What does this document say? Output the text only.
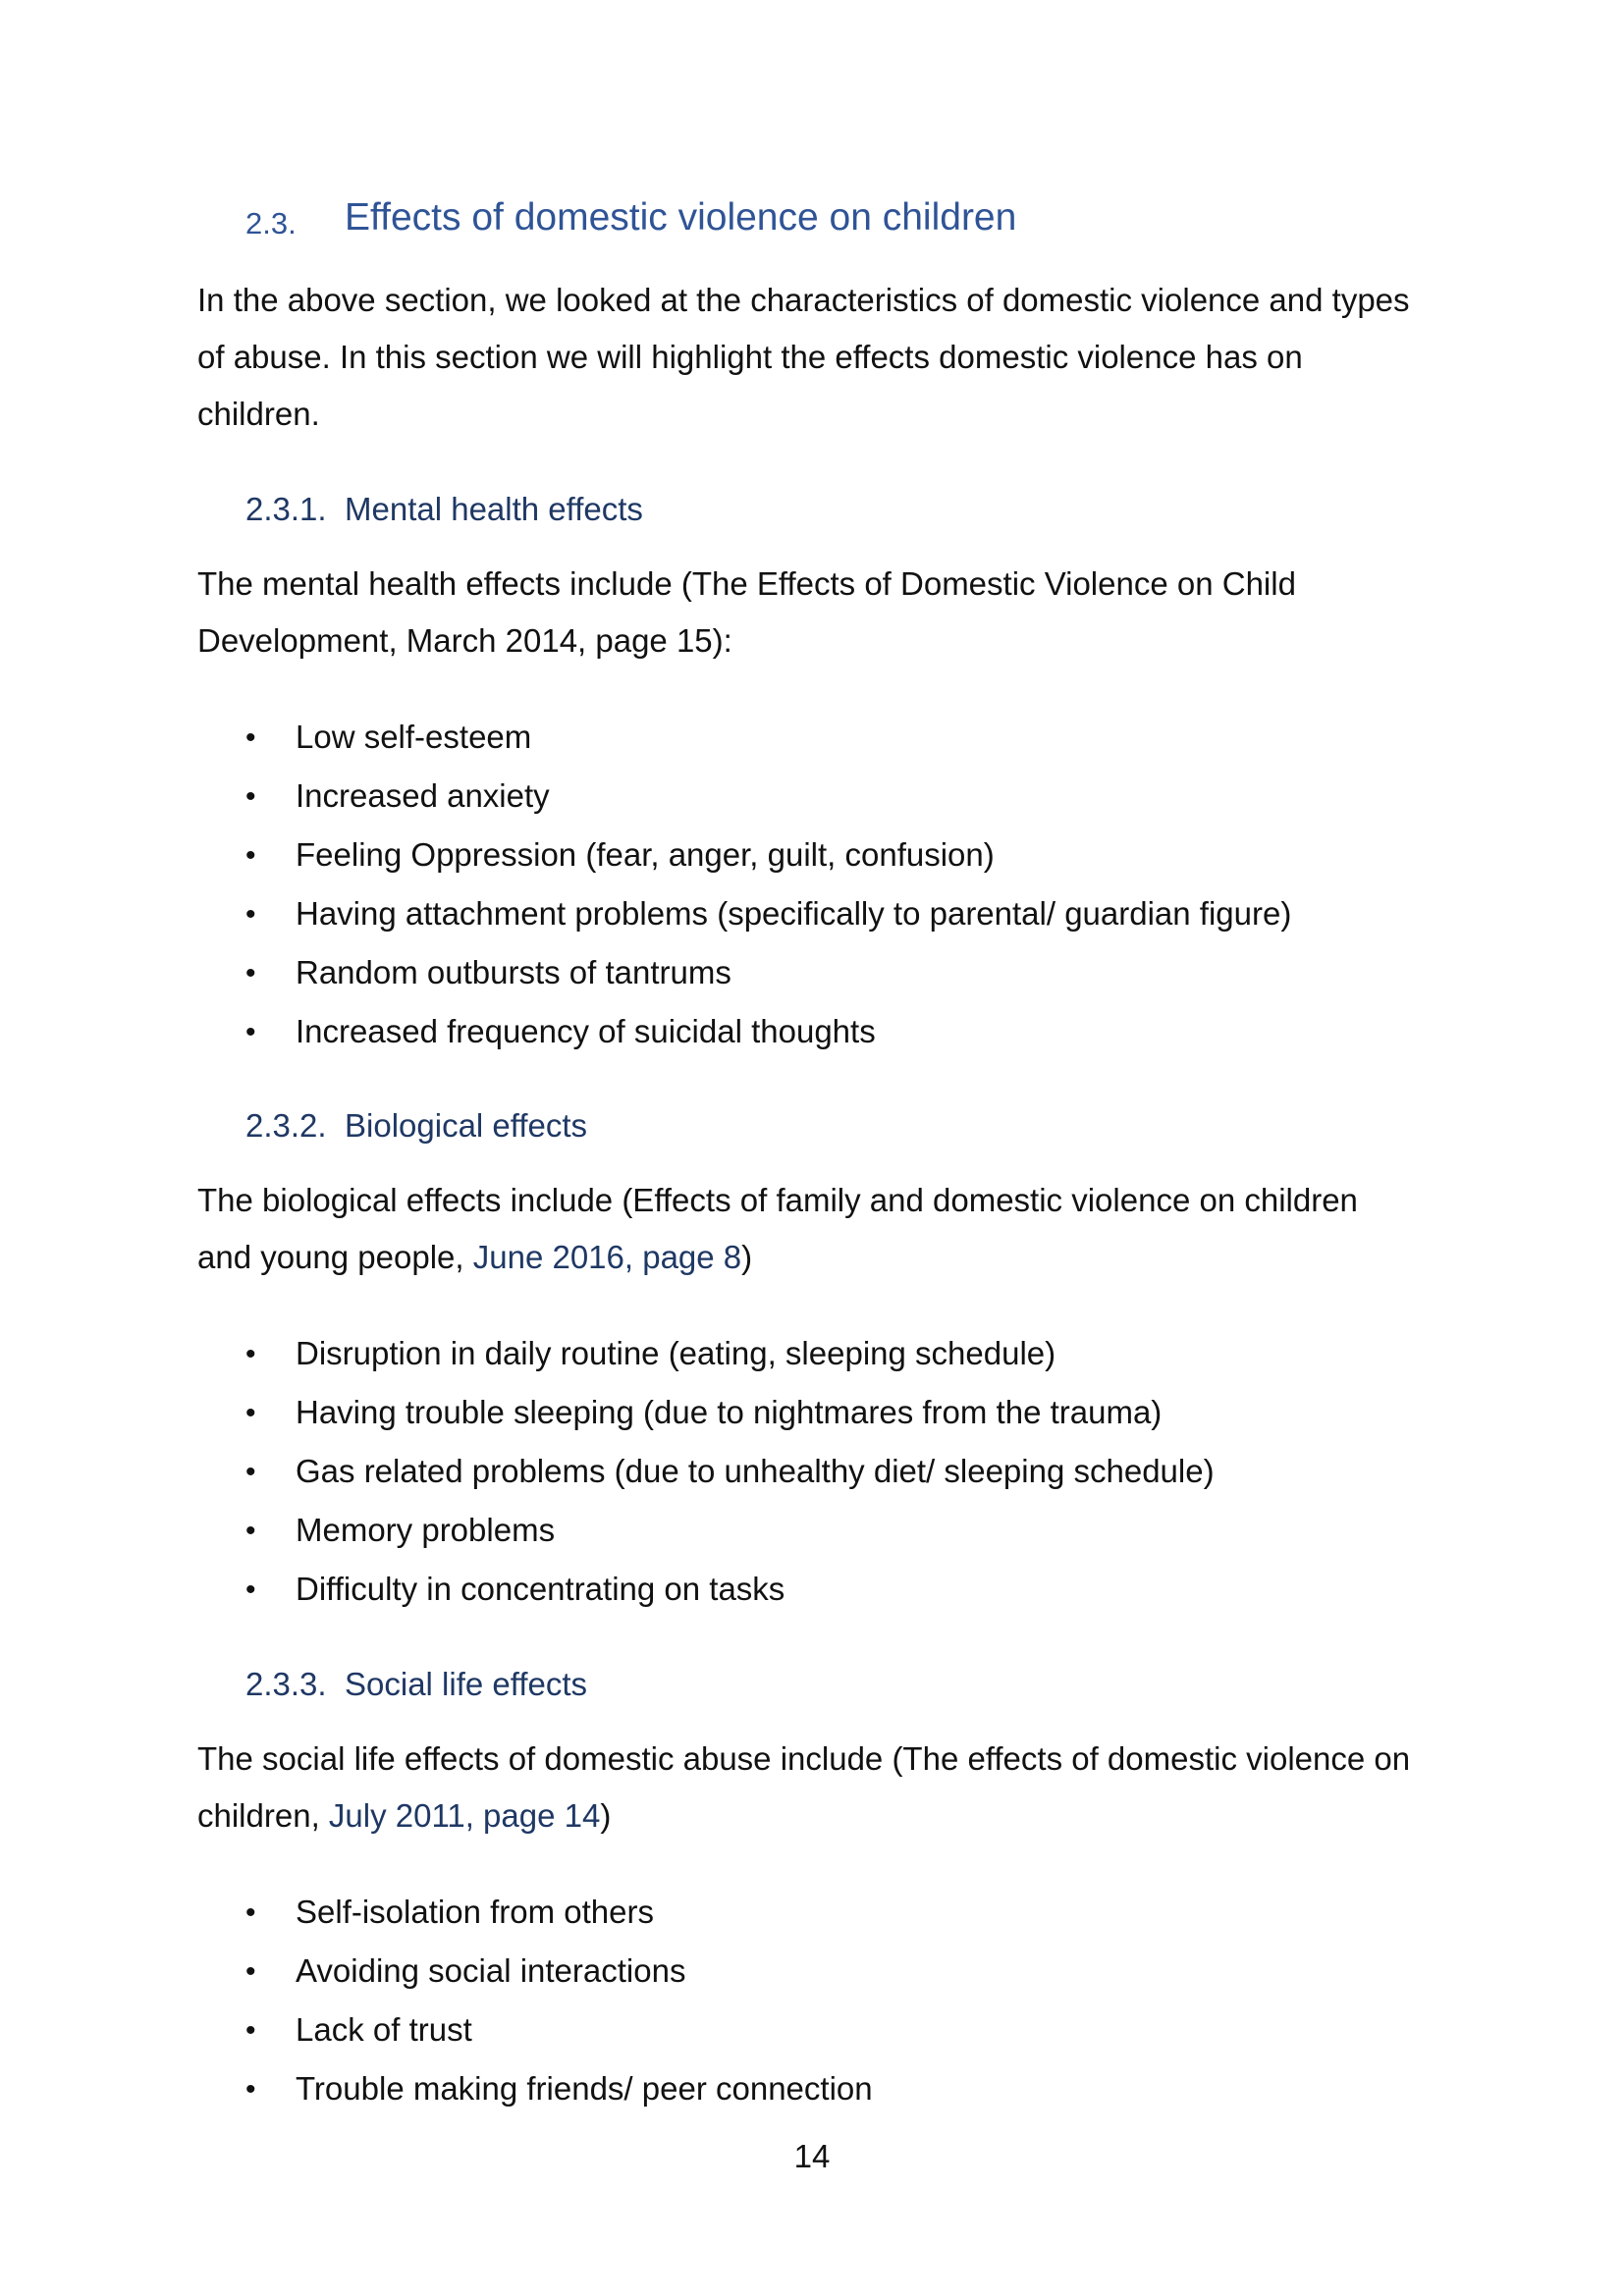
2.3. Effects of domestic violence on children

In the above section, we looked at the characteristics of domestic violence and types

of abuse. In this section we will highlight the effects domestic violence has on

children.

2.3.1. Mental health effects

The mental health effects include (The Effects of Domestic Violence on Child

Development, March 2014, page 15):

• Low self-esteem
• Increased anxiety
• Feeling Oppression (fear, anger, guilt, confusion)
• Having attachment problems (specifically to parental/ guardian figure)
• Random outbursts of tantrums
• Increased frequency of suicidal thoughts
2.3.2. Biological effects

The biological effects include (Effects of family and domestic violence on children

and young people, June 2016, page 8)

• Disruption in daily routine (eating, sleeping schedule)
• Having trouble sleeping (due to nightmares from the trauma)
• Gas related problems (due to unhealthy diet/ sleeping schedule)
• Memory problems
• Difficulty in concentrating on tasks
2.3.3. Social life effects

The social life effects of domestic abuse include (The effects of domestic violence on

children, July 2011, page 14)

• Self-isolation from others
• Avoiding social interactions
• Lack of trust
• Trouble making friends/ peer connection
14
